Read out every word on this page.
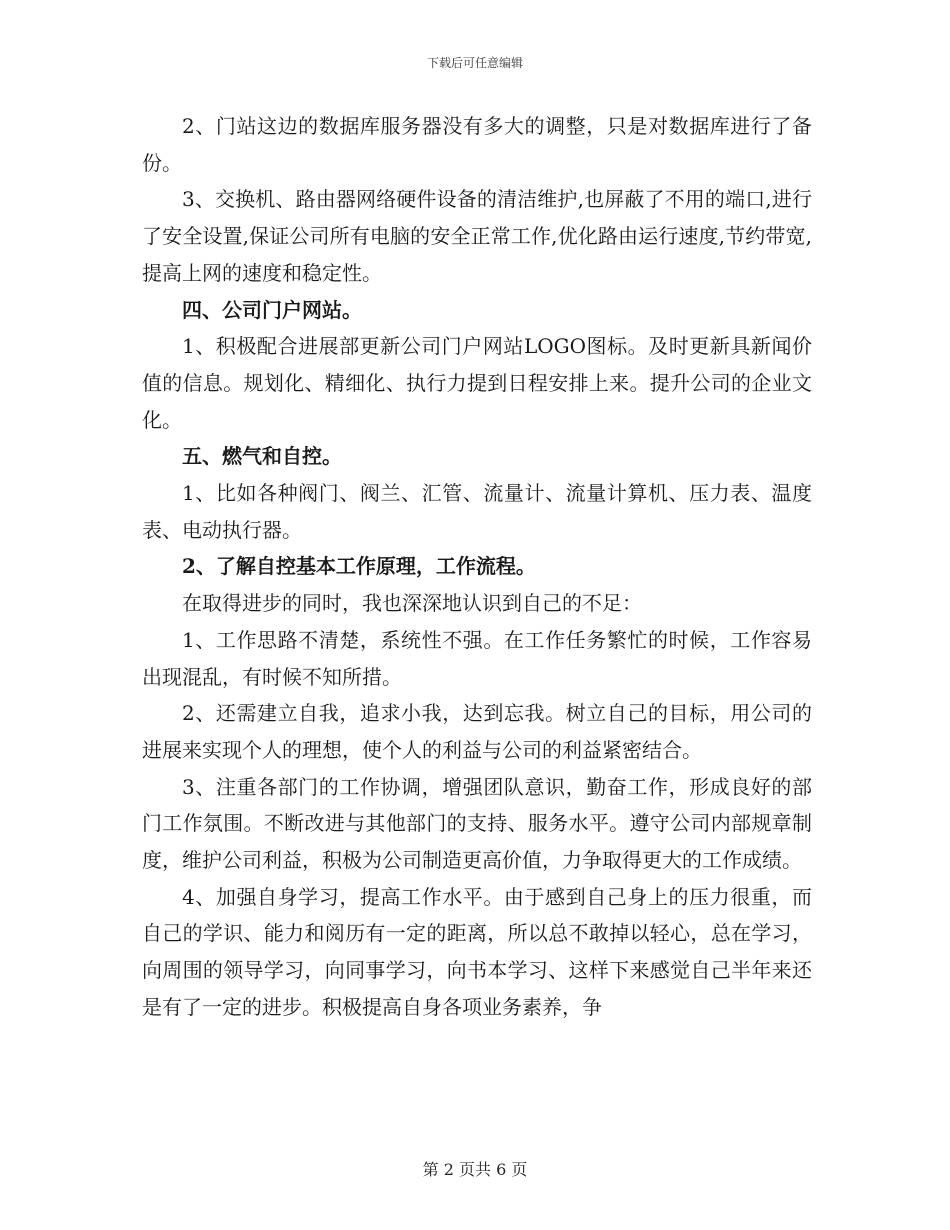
下载后可任意编辑

2、门站这边的数据库服务器没有多大的调整，只是对数据库进行了备份。

3、交换机、路由器网络硬件设备的清洁维护,也屏蔽了不用的端口,进行了安全设置,保证公司所有电脑的安全正常工作,优化路由运行速度,节约带宽,提高上网的速度和稳定性。

四、公司门户网站。

1、积极配合进展部更新公司门户网站LOGO图标。及时更新具新闻价值的信息。规划化、精细化、执行力提到日程安排上来。提升公司的企业文化。

五、燃气和自控。

1、比如各种阀门、阀兰、汇管、流量计、流量计算机、压力表、温度表、电动执行器。

2、了解自控基本工作原理，工作流程。

在取得进步的同时，我也深深地认识到自己的不足：

1、工作思路不清楚，系统性不强。在工作任务繁忙的时候，工作容易出现混乱，有时候不知所措。

2、还需建立自我，追求小我，达到忘我。树立自己的目标，用公司的进展来实现个人的理想，使个人的利益与公司的利益紧密结合。

3、注重各部门的工作协调，增强团队意识，勤奋工作，形成良好的部门工作氛围。不断改进与其他部门的支持、服务水平。遵守公司内部规章制度，维护公司利益，积极为公司制造更高价值，力争取得更大的工作成绩。

4、加强自身学习，提高工作水平。由于感到自己身上的压力很重，而自己的学识、能力和阅历有一定的距离，所以总不敢掉以轻心，总在学习，向周围的领导学习，向同事学习，向书本学习、这样下来感觉自己半年来还是有了一定的进步。积极提高自身各项业务素养，争

第 2 页共 6 页
